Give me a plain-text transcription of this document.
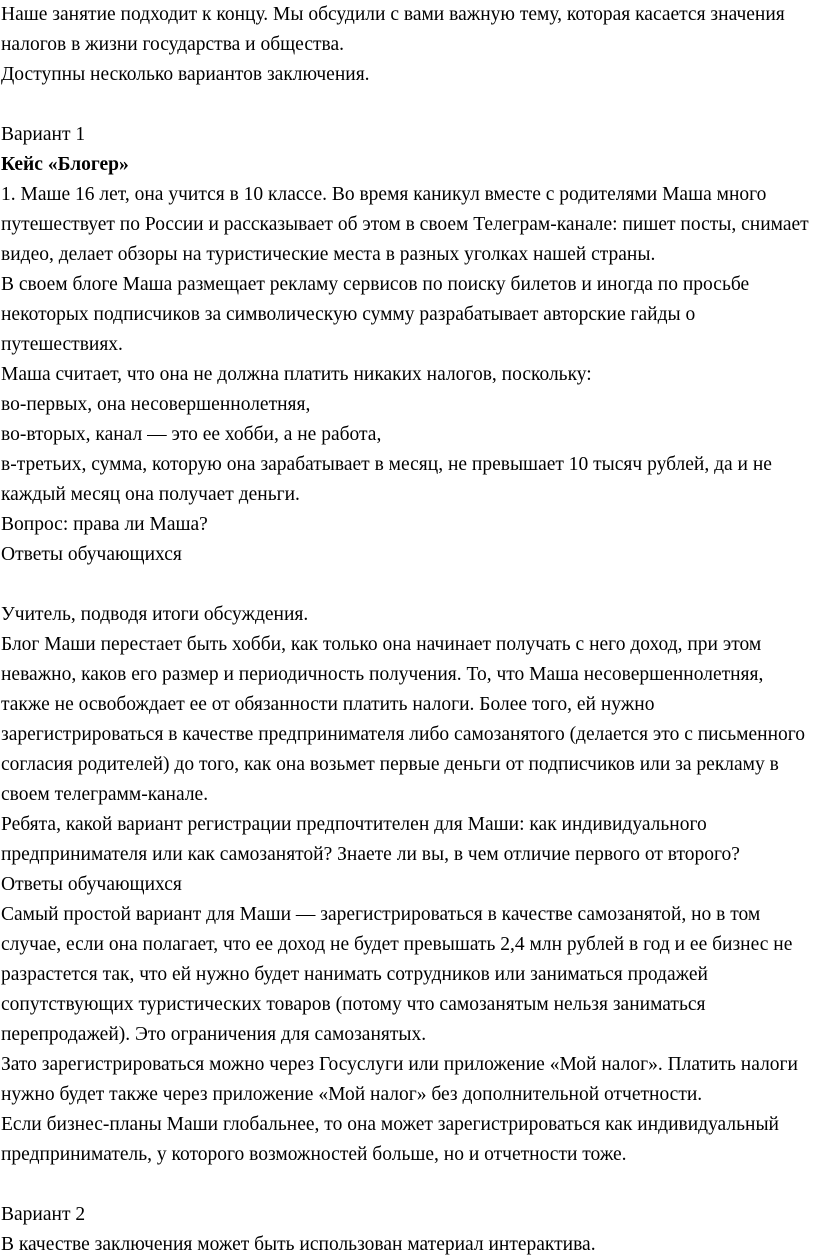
Наше занятие подходит к концу. Мы обсудили с вами важную тему, которая касается значения налогов в жизни государства и общества.

Доступны несколько вариантов заключения.

Вариант 1

Кейс «Блогер»

1. Маше 16 лет, она учится в 10 классе. Во время каникул вместе с родителями Маша много путешествует по России и рассказывает об этом в своем Телеграм-канале: пишет посты, снимает видео, делает обзоры на туристические места в разных уголках нашей страны.

В своем блоге Маша размещает рекламу сервисов по поиску билетов и иногда по просьбе некоторых подписчиков за символическую сумму разрабатывает авторские гайды о путешествиях.

Маша считает, что она не должна платить никаких налогов, поскольку:

во-первых, она несовершеннолетняя,

во-вторых, канал — это ее хобби, а не работа,

в-третьих, сумма, которую она зарабатывает в месяц, не превышает 10 тысяч рублей, да и не каждый месяц она получает деньги.

Вопрос: права ли Маша?

Ответы обучающихся

Учитель, подводя итоги обсуждения.

Блог Маши перестает быть хобби, как только она начинает получать с него доход, при этом неважно, каков его размер и периодичность получения. То, что Маша несовершеннолетняя, также не освобождает ее от обязанности платить налоги. Более того, ей нужно зарегистрироваться в качестве предпринимателя либо самозанятого (делается это с письменного согласия родителей) до того, как она возьмет первые деньги от подписчиков или за рекламу в своем телеграмм-канале.

Ребята, какой вариант регистрации предпочтителен для Маши: как индивидуального предпринимателя или как самозанятой? Знаете ли вы, в чем отличие первого от второго?

Ответы обучающихся

Самый простой вариант для Маши — зарегистрироваться в качестве самозанятой, но в том случае, если она полагает, что ее доход не будет превышать 2,4 млн рублей в год и ее бизнес не разрастется так, что ей нужно будет нанимать сотрудников или заниматься продажей сопутствующих туристических товаров (потому что самозанятым нельзя заниматься перепродажей). Это ограничения для самозанятых.

Зато зарегистрироваться можно через Госуслуги или приложение «Мой налог». Платить налоги нужно будет также через приложение «Мой налог» без дополнительной отчетности.

Если бизнес-планы Маши глобальнее, то она может зарегистрироваться как индивидуальный предприниматель, у которого возможностей больше, но и отчетности тоже.

Вариант 2

В качестве заключения может быть использован материал интерактива.
